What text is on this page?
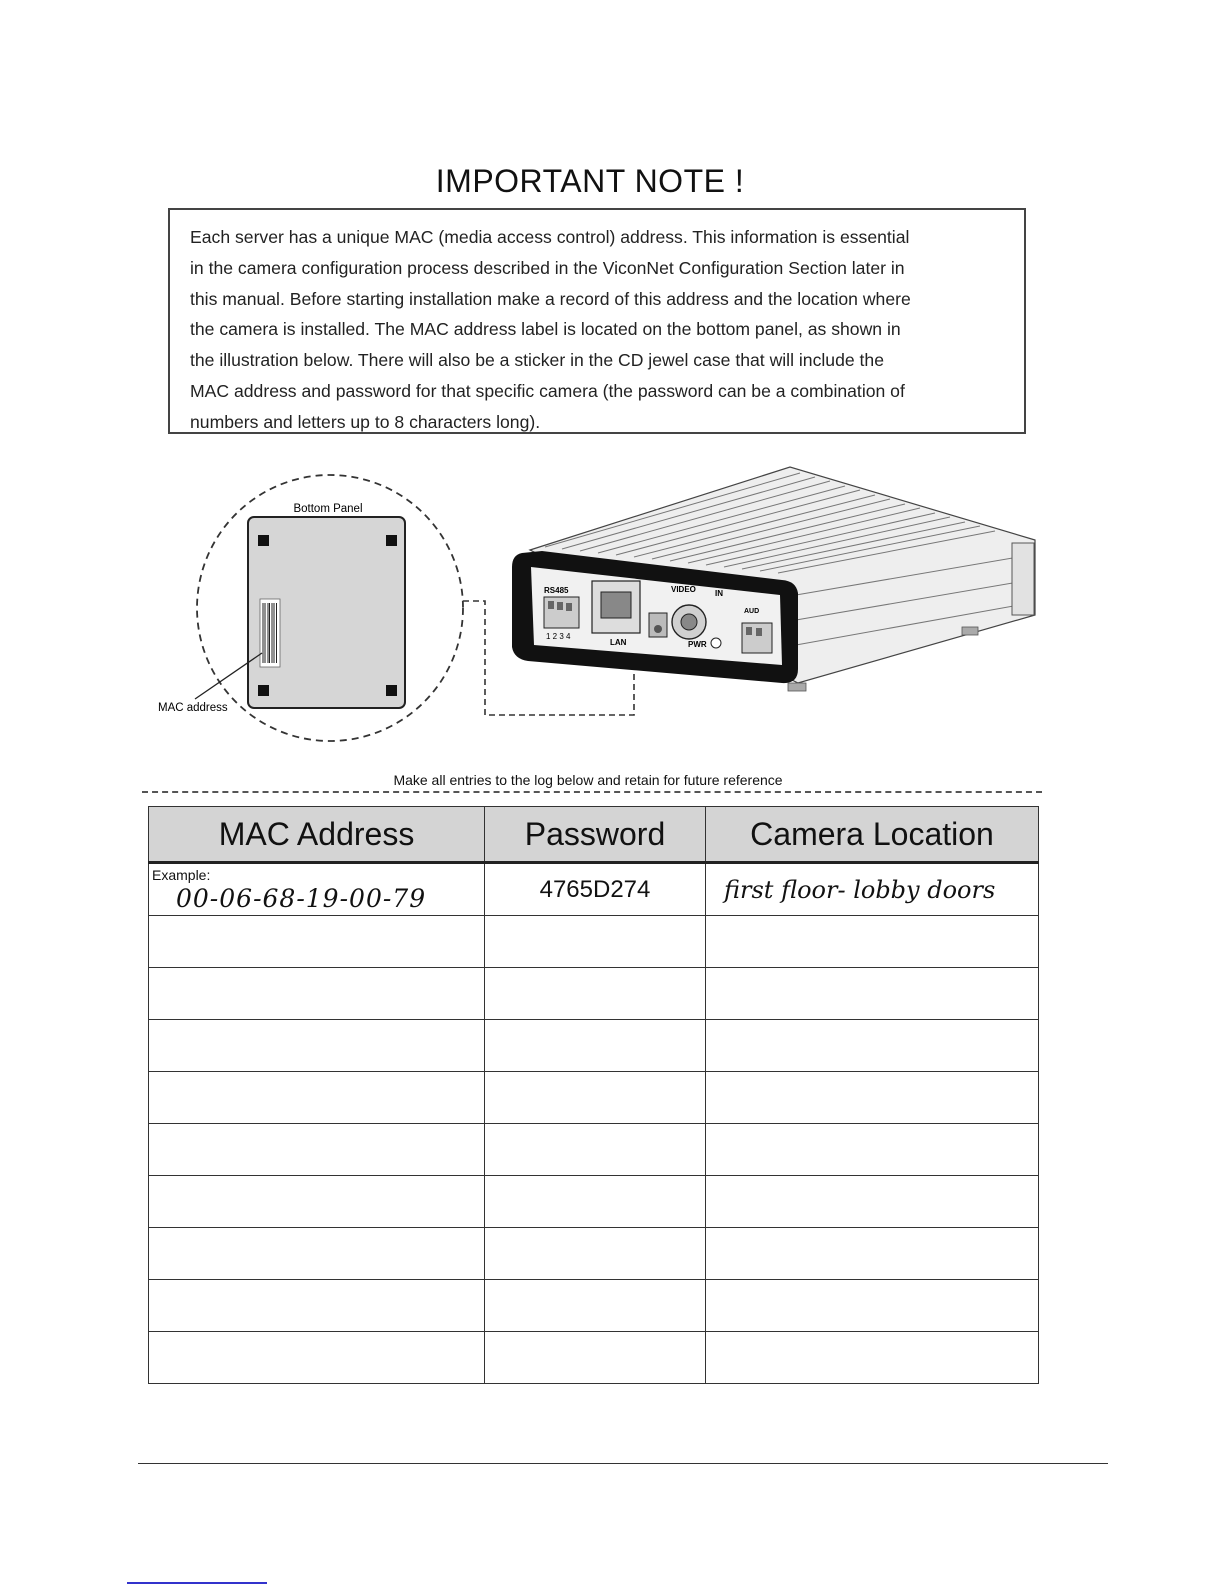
IMPORTANT NOTE !

Each server has a unique MAC (media access control) address. This information is essential

in the camera configuration process described in the ViconNet Configuration Section later in

this manual. Before starting installation make a record of this address and the location where

the camera is installed. The MAC address label is located on the bottom panel, as shown in

the illustration below. There will also be a sticker in the CD jewel case that will include the

MAC address and password for that specific camera (the password can be a combination of

numbers and letters up to 8 characters long).

Bottom Panel
MAC address
RS485
1 2 3 4
LAN
VIDEO IN
PWR
AUD
Make all entries to the log below and retain for future reference
MAC Address	Password	Camera Location

Example:
00-06-68-19-00-79	4765D274	first floor- lobby doors
